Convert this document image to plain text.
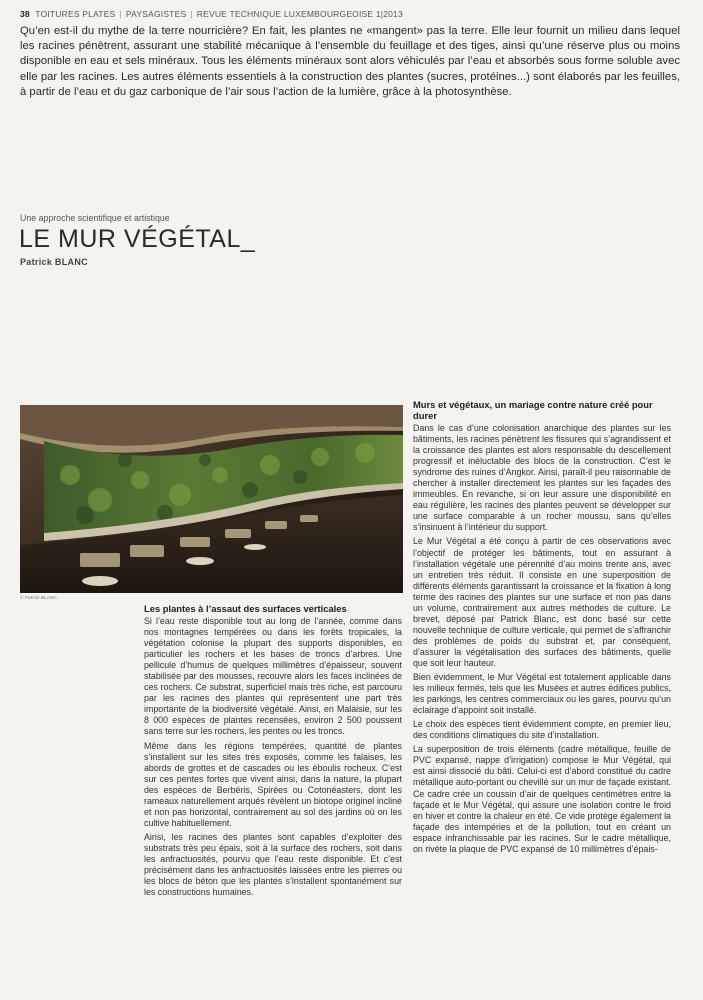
38 TOITURES PLATES | PAYSAGISTES | REVUE TECHNIQUE LUXEMBOURGEOISE 1|2013

Qu’en est-il du mythe de la terre nourricière? En fait, les plantes ne «mangent» pas la terre. Elle leur fournit un milieu dans lequel les racines pénètrent, assurant une stabilité mécanique à l’ensemble du feuillage et des tiges, ainsi qu’une réserve plus ou moins disponible en eau et sels minéraux. Tous les éléments minéraux sont alors véhiculés par l’eau et absorbés sous forme soluble avec elle par les racines. Les autres éléments essentiels à la construction des plantes (sucres, protéines...) sont élaborés par les feuilles, à partir de l’eau et du gaz carbonique de l’air sous l’action de la lumière, grâce à la photosynthèse.

Une approche scientifique et artistique
LE MUR VÉGÉTAL_
Patrick BLANC
© Patrick BLANC
Les plantes à l’assaut des surfaces verticales

Si l’eau reste disponible tout au long de l’année, comme dans nos montagnes tempérées ou dans les forêts tropicales, la végétation colonise la plupart des supports disponibles, en particulier les rochers et les bases de troncs d’arbres. Une pellicule d’humus de quelques millimètres d’épaisseur, souvent stabilisée par des mousses, recouvre alors les faces inclinées de ces rochers. Ce substrat, superficiel mais très riche, est parcouru par les racines des plantes qui représentent une part très importante de la biodiversité végétale. Ainsi, en Malaisie, sur les 8 000 espèces de plantes recensées, environ 2 500 poussent sans terre sur les rochers, les pentes ou les troncs.

Même dans les régions tempérées, quantité de plantes s’installent sur les sites très exposés, comme les falaises, les abords de grottes et de cascades ou les éboulis rocheux. C’est sur ces pentes fortes que vivent ainsi, dans la nature, la plupart des espèces de Berbéris, Spirées ou Cotonéasters, dont les rameaux naturellement arqués révèlent un biotope originel incliné et non pas horizontal, contrairement au sol des jardins où on les cultive habituellement.

Ainsi, les racines des plantes sont capables d’exploiter des substrats très peu épais, soit à la surface des rochers, soit dans les anfractuosités, pourvu que l’eau reste disponible. Et c’est précisément dans les anfractuosités laissées entre les pierres ou les blocs de béton que les plantes s’installent spontanément sur les constructions humaines.

Murs et végétaux, un mariage contre nature créé pour durer

Dans le cas d’une colonisation anarchique des plantes sur les bâtiments, les racines pénètrent les fissures qui s’agrandissent et la croissance des plantes est alors responsable du descellement progressif et inéluctable des blocs de la construction. C’est le syndrome des ruines d’Angkor. Ainsi, paraît-il peu raisonnable de chercher à installer directement les plantes sur les façades des immeubles. En revanche, si on leur assure une disponibilité en eau régulière, les racines des plantes peuvent se développer sur une surface comparable à un rocher moussu, sans qu’elles s’insinuent à l’intérieur du support.

Le Mur Végétal a été conçu à partir de ces observations avec l’objectif de protéger les bâtiments, tout en assurant à l’installation végétale une pérennité d’au moins trente ans, avec un entretien très réduit. Il consiste en une superposition de différents éléments garantissant la croissance et la fixation à long terme des racines des plantes sur une surface et non pas dans un volume, contrairement aux autres méthodes de culture. Le brevet, déposé par Patrick Blanc, est donc basé sur cette nouvelle technique de culture verticale, qui permet de s’affranchir des problèmes de poids du substrat et, par conséquent, d’assurer la végétalisation des surfaces des bâtiments, quelle que soit leur hauteur.

Bien évidemment, le Mur Végétal est totalement applicable dans les milieux fermés, tels que les Musées et autres édifices publics, les parkings, les centres commerciaux ou les gares, pourvu qu’un éclairage d’appoint soit installé.

Le choix des espèces tient évidemment compte, en premier lieu, des conditions climatiques du site d’installation.

La superposition de trois éléments (cadre métallique, feuille de PVC expansé, nappe d’irrigation) compose le Mur Végétal, qui est ainsi dissocié du bâti. Celui-ci est d’abord constitué du cadre métallique auto-portant ou chevillé sur un mur de façade existant. Ce cadre crée un coussin d’air de quelques centimètres entre la façade et le Mur Végétal, qui assure une isolation contre le froid en hiver et contre la chaleur en été. Ce vide protège également la façade des intempéries et de la pollution, tout en créant un espace infranchissable par les racines. Sur le cadre métallique, on rivète la plaque de PVC expansé de 10 millimètres d’épais-
